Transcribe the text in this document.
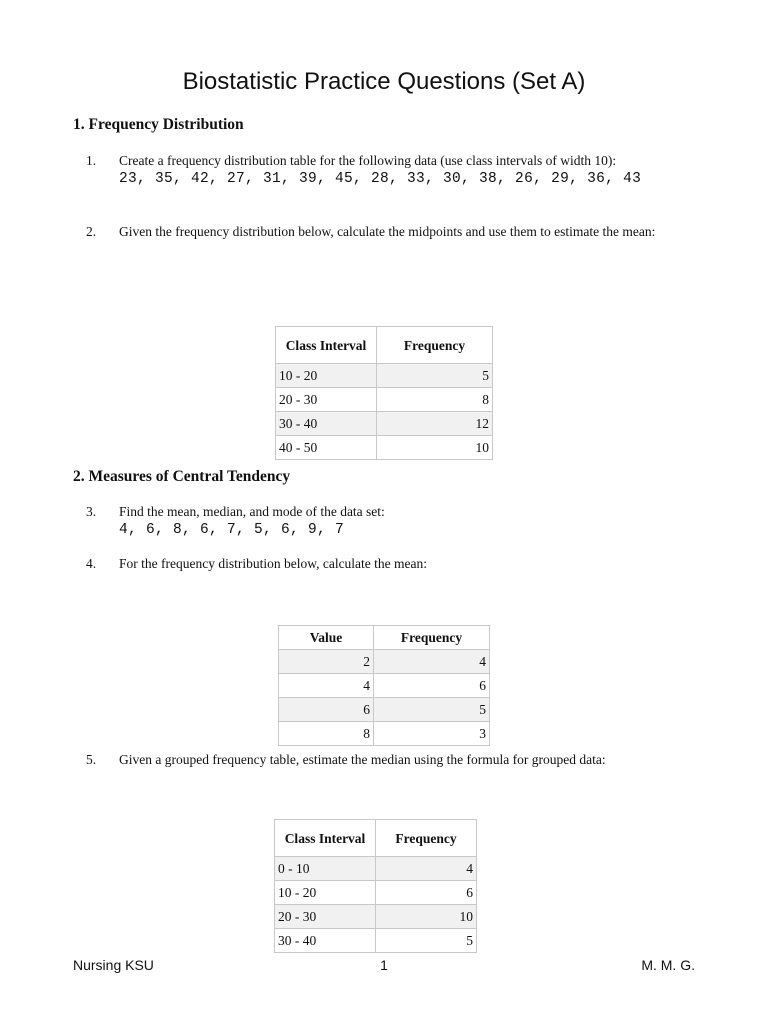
Biostatistic Practice Questions (Set A)
1. Frequency Distribution
1. Create a frequency distribution table for the following data (use class intervals of width 10):
23, 35, 42, 27, 31, 39, 45, 28, 33, 30, 38, 26, 29, 36, 43
2. Given the frequency distribution below, calculate the midpoints and use them to estimate the mean:
Class Interval	Frequency
10 - 20	5
20 - 30	8
30 - 40	12
40 - 50	10
2. Measures of Central Tendency
3. Find the mean, median, and mode of the data set:
4, 6, 8, 6, 7, 5, 6, 9, 7
4. For the frequency distribution below, calculate the mean:
Value	Frequency
2	4
4	6
6	5
8	3
5. Given a grouped frequency table, estimate the median using the formula for grouped data:
Class Interval	Frequency
0 - 10	4
10 - 20	6
20 - 30	10
30 - 40	5
Nursing KSU	1	M. M. G.
